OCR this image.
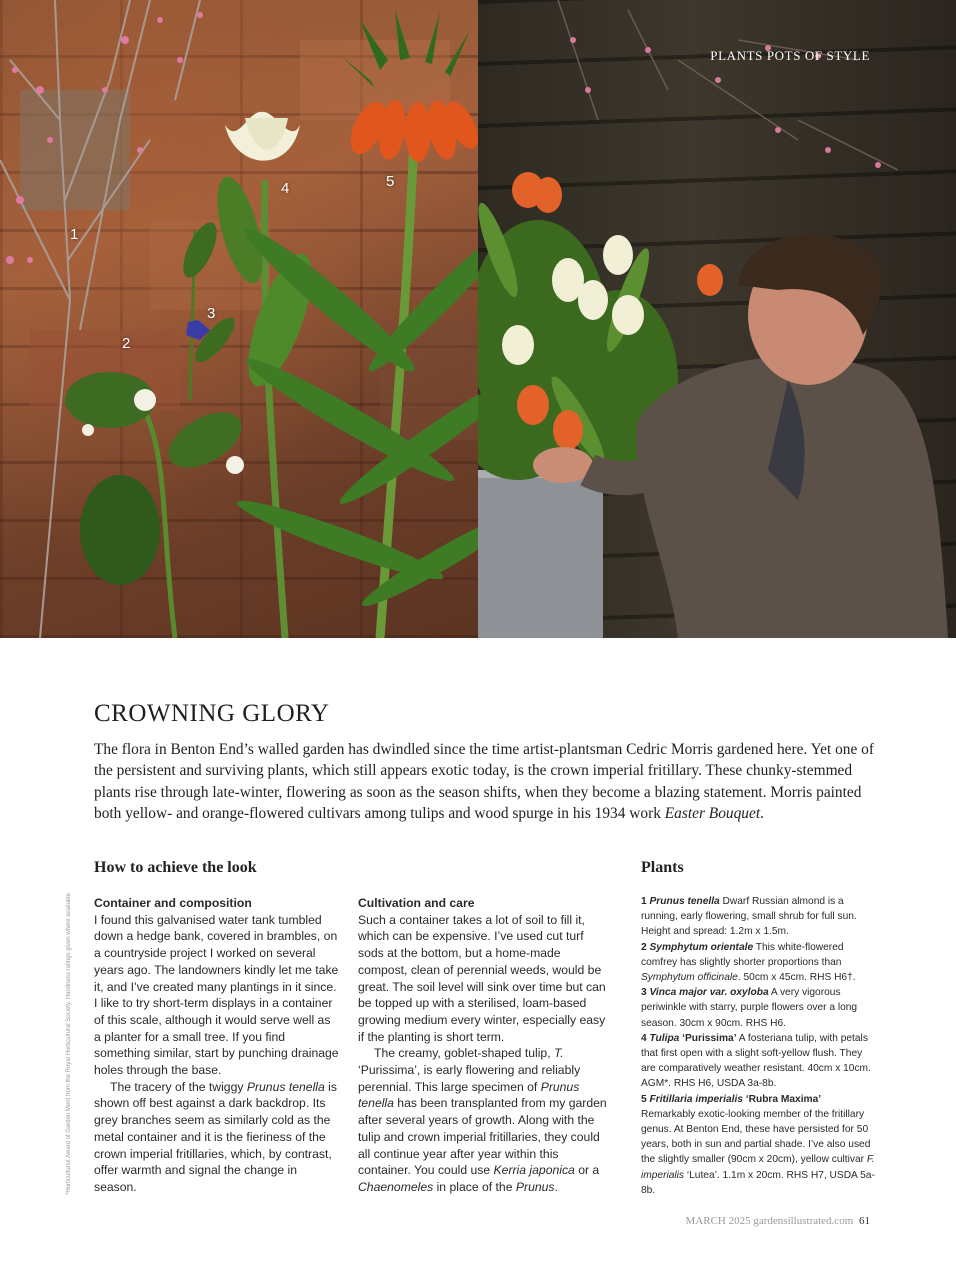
1
2
3
4	5
PLANTS POTS OF STYLE
CROWNING GLORY

The flora in Benton End’s walled garden has dwindled since the time artist-plantsman Cedric Morris gardened here. Yet one of the persistent and surviving plants, which still appears exotic today, is the crown imperial fritillary. These chunky-stemmed plants rise through late-winter, flowering as soon as the season shifts, when they become a blazing statement. Morris painted both yellow- and orange-flowered cultivars among tulips and wood spurge in his 1934 work Easter Bouquet.

*Horticulturist Award of Garden Merit from the Royal Horticultural Society. Hardiness ratings given where available
How to achieve the look
Container and composition

I found this galvanised water tank tumbled down a hedge bank, covered in brambles, on a countryside project I worked on several years ago. The landowners kindly let me take it, and I’ve created many plantings in it since. I like to try short-term displays in a container of this scale, although it would serve well as a planter for a small tree. If you find something similar, start by punching drainage holes through the base.

The tracery of the twiggy Prunus tenella is shown off best against a dark backdrop. Its grey branches seem as similarly cold as the metal container and it is the fieriness of the crown imperial fritillaries, which, by contrast, offer warmth and signal the change in season.

Cultivation and care

Such a container takes a lot of soil to fill it, which can be expensive. I’ve used cut turf sods at the bottom, but a home-made compost, clean of perennial weeds, would be great. The soil level will sink over time but can be topped up with a sterilised, loam-based growing medium every winter, especially easy if the planting is short term.

The creamy, goblet-shaped tulip, T. ‘Purissima’, is early flowering and reliably perennial. This large specimen of Prunus tenella has been transplanted from my garden after several years of growth. Along with the tulip and crown imperial fritillaries, they could all continue year after year within this container. You could use Kerria japonica or a Chaenomeles in place of the Prunus.

Plants

1 Prunus tenella Dwarf Russian almond is a running, early flowering, small shrub for full sun. Height and spread: 1.2m x 1.5m.

2 Symphytum orientale This white-flowered comfrey has slightly shorter proportions than Symphytum officinale. 50cm x 45cm. RHS H6†.

3 Vinca major var. oxyloba A very vigorous periwinkle with starry, purple flowers over a long season. 30cm x 90cm. RHS H6.

4 Tulipa ‘Purissima’ A fosteriana tulip, with petals that first open with a slight soft-yellow flush. They are comparatively weather resistant. 40cm x 10cm. AGM*. RHS H6, USDA 3a-8b.

5 Fritillaria imperialis ‘Rubra Maxima’ Remarkably exotic-looking member of the fritillary genus. At Benton End, these have persisted for 50 years, both in sun and partial shade. I’ve also used the slightly smaller (90cm x 20cm), yellow cultivar F. imperialis ‘Lutea’. 1.1m x 20cm. RHS H7, USDA 5a-8b.

MARCH 2025 gardensillustrated.com 61
